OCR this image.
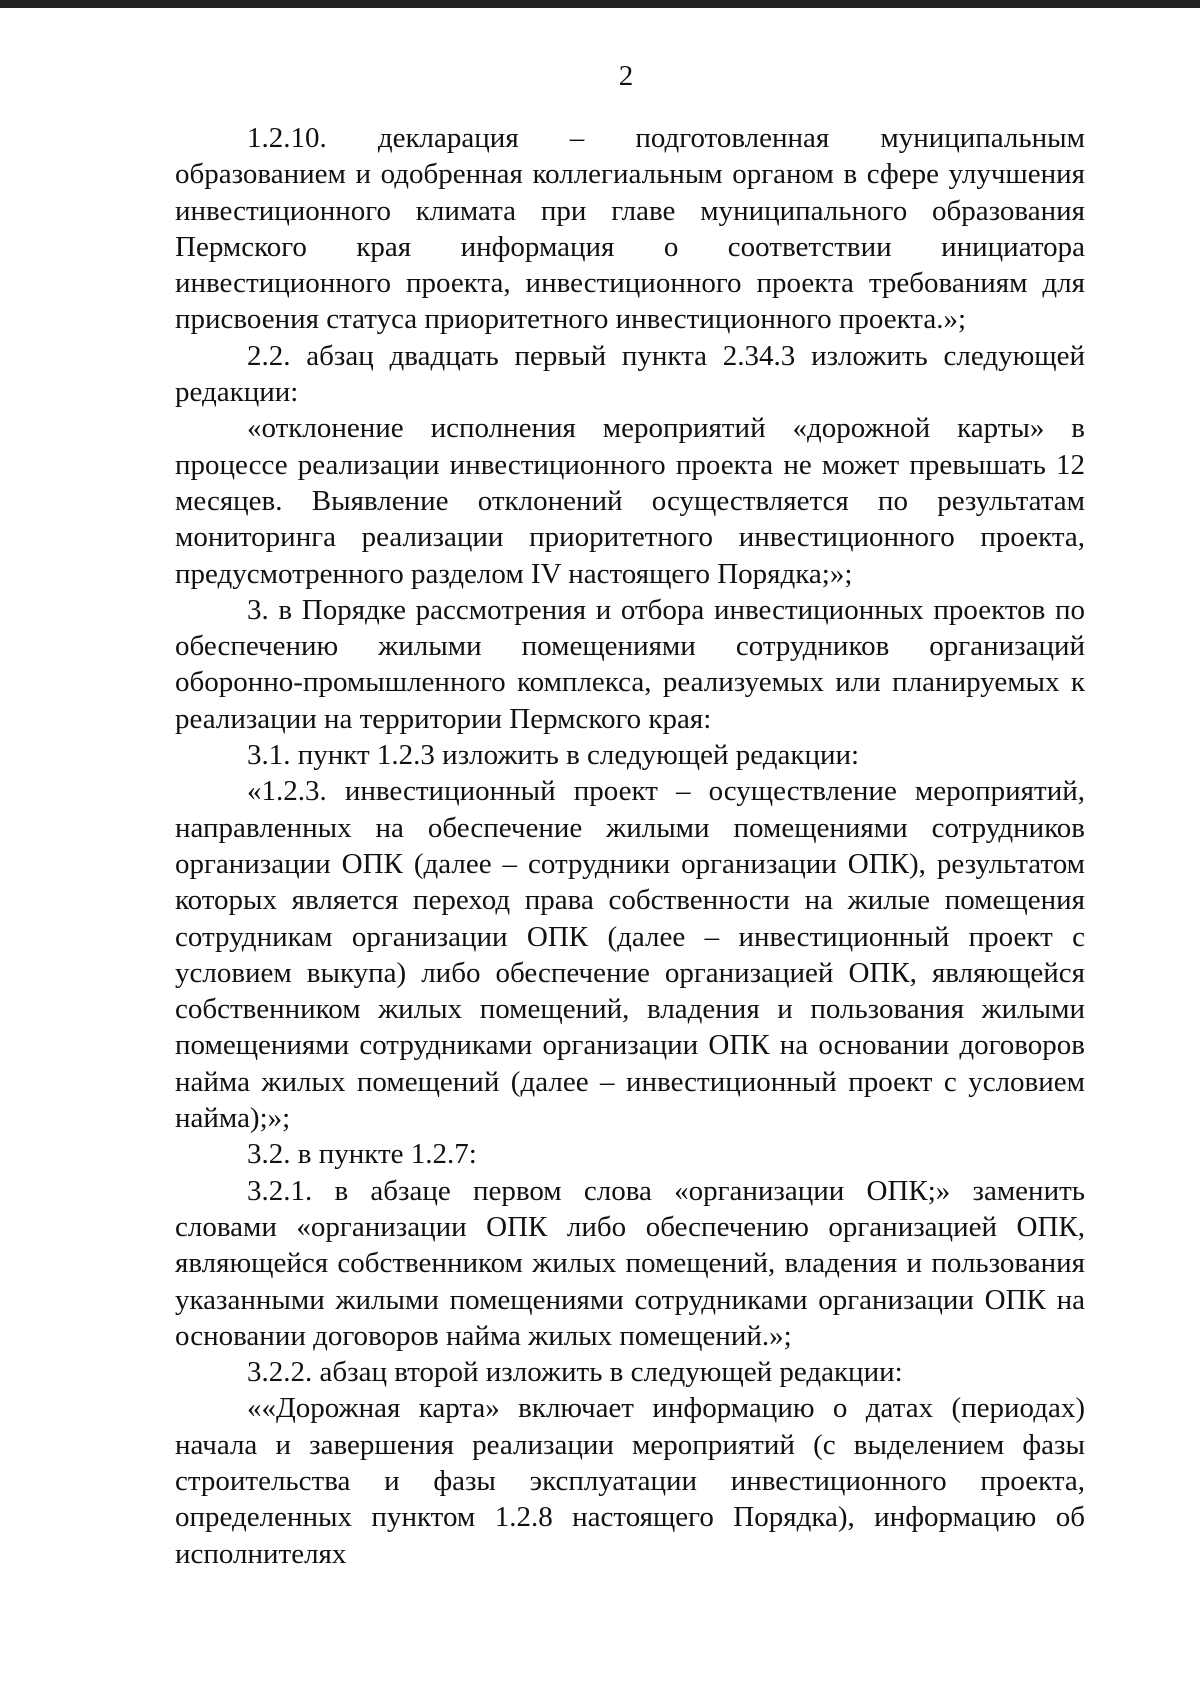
2

1.2.10. декларация – подготовленная муниципальным образованием и одобренная коллегиальным органом в сфере улучшения инвестиционного климата при главе муниципального образования Пермского края информация о соответствии инициатора инвестиционного проекта, инвестиционного проекта требованиям для присвоения статуса приоритетного инвестиционного проекта.»;

2.2. абзац двадцать первый пункта 2.34.3 изложить следующей редакции:

«отклонение исполнения мероприятий «дорожной карты» в процессе реализации инвестиционного проекта не может превышать 12 месяцев. Выявление отклонений осуществляется по результатам мониторинга реализации приоритетного инвестиционного проекта, предусмотренного разделом IV настоящего Порядка;»;

3. в Порядке рассмотрения и отбора инвестиционных проектов по обеспечению жилыми помещениями сотрудников организаций оборонно-промышленного комплекса, реализуемых или планируемых к реализации на территории Пермского края:

3.1. пункт 1.2.3 изложить в следующей редакции:

«1.2.3. инвестиционный проект – осуществление мероприятий, направленных на обеспечение жилыми помещениями сотрудников организации ОПК (далее – сотрудники организации ОПК), результатом которых является переход права собственности на жилые помещения сотрудникам организации ОПК (далее – инвестиционный проект с условием выкупа) либо обеспечение организацией ОПК, являющейся собственником жилых помещений, владения и пользования жилыми помещениями сотрудниками организации ОПК на основании договоров найма жилых помещений (далее – инвестиционный проект с условием найма);»;

3.2. в пункте 1.2.7:

3.2.1. в абзаце первом слова «организации ОПК;» заменить словами «организации ОПК либо обеспечению организацией ОПК, являющейся собственником жилых помещений, владения и пользования указанными жилыми помещениями сотрудниками организации ОПК на основании договоров найма жилых помещений.»;

3.2.2. абзац второй изложить в следующей редакции:

««Дорожная карта» включает информацию о датах (периодах) начала и завершения реализации мероприятий (с выделением фазы строительства и фазы эксплуатации инвестиционного проекта, определенных пунктом 1.2.8 настоящего Порядка), информацию об исполнителях
